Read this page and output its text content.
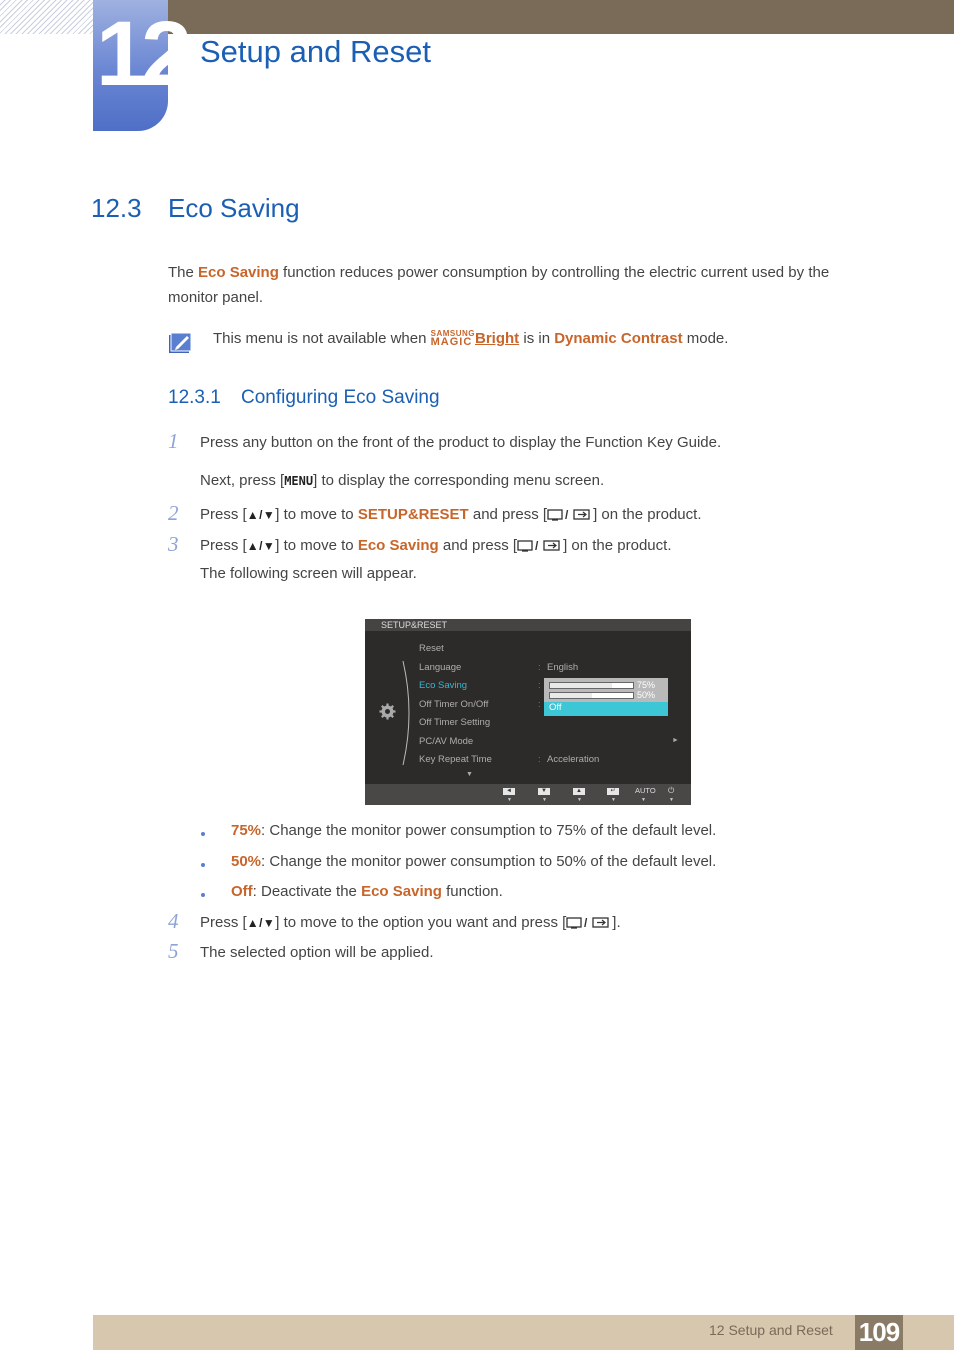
12 Setup and Reset
12.3 Eco Saving
The Eco Saving function reduces power consumption by controlling the electric current used by the
monitor panel.
This menu is not available when SAMSUNG
MAGIC Bright is in Dynamic Contrast mode.
12.3.1 Configuring Eco Saving
1 Press any button on the front of the product to display the Function Key Guide.
Next, press [MENU] to display the corresponding menu screen.
2 Press [▲/▼] to move to SETUP&RESET and press [ / ] on the product.
3 Press [▲/▼] to move to Eco Saving and press [ / ] on the product.
The following screen will appear.
SETUP&RESET
Reset
Language
Eco Saving
Off Timer On/Off
Off Timer Setting
PC/AV Mode
Key Repeat Time
: English
:
:
: Acceleration
►
▼
75%
50%
Off
◄
▼
▼
▼
▲
▼
↵
▼
AUTO
▼
⏻
▼
75%: Change the monitor power consumption to 75% of the default level.
50%: Change the monitor power consumption to 50% of the default level.
Off: Deactivate the Eco Saving function.
4 Press [▲/▼] to move to the option you want and press [ / ].
5 The selected option will be applied.
12 Setup and Reset 109
